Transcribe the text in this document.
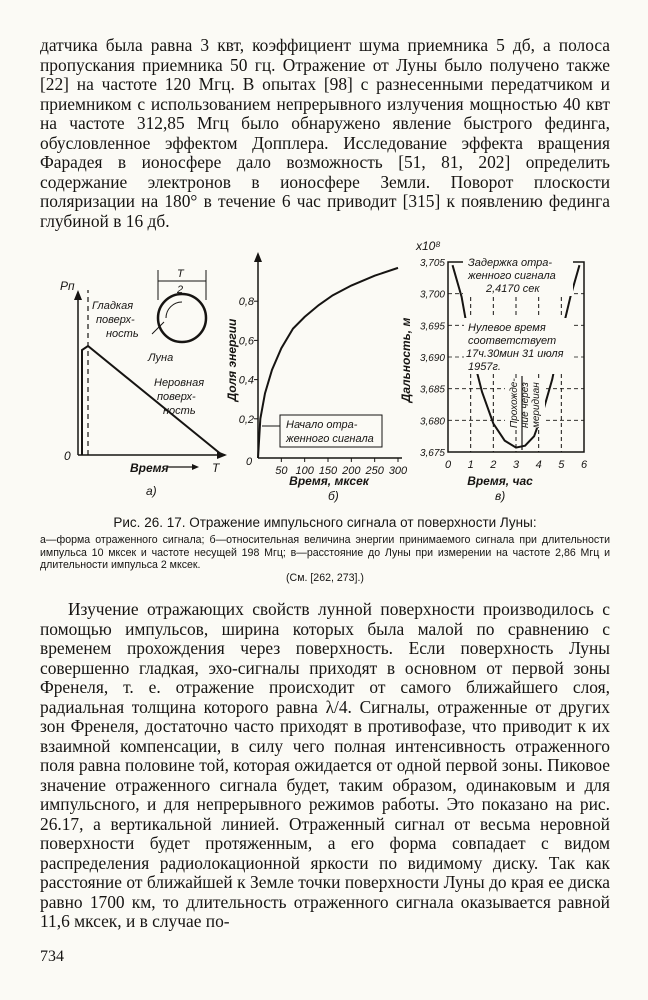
датчика была равна 3 квт, коэффициент шума приемника 5 дб, а полоса пропускания приемника 50 гц. Отражение от Луны было получено также [22] на частоте 120 Мгц. В опытах [98] с разнесенными передатчиком и приемником с использованием непрерывного излучения мощностью 40 квт на частоте 312,85 Мгц было обнаружено явление быстрого фединга, обусловленное эффектом Допплера. Исследование эффекта вращения Фарадея в ионосфере дало возможность [51, 81, 202] определить содержание электронов в ионосфере Земли. Поворот плоскости поляризации на 180° в течение 6 час приводит [315] к появлению фединга глубиной в 16 дб.

Pп
0
Время	T
T
2
Гладкая
поверх-
ность
Луна
Неровная
поверх-
ность
а)
0
50 100 150 200 250 300
0,2
0,4
0,6
0,8
Доля энергии
Время, мксек
Начало отра-
женного сигнала
б)
0 1 2 3 4 5 6
3,675
3,680
3,685
3,690
3,695
3,700
3,705
x10⁸
Дальность, м
Время, час
Задержка отра-
женного сигнала
2,4170 сек
Нулевое время
соответствует
17ч.30мин 31 июля
1957г.
Прохожде- ние через меридиан
в)

Рис. 26. 17. Отражение импульсного сигнала от поверхности Луны:

а—форма отраженного сигнала; б—относительная величина энергии принимаемого сигнала при длительности импульса 10 мксек и частоте несущей 198 Мгц; в—расстояние до Луны при измерении на частоте 2,86 Мгц и длительности импульса 2 мксек.
(См. [262, 273].)

Изучение отражающих свойств лунной поверхности производилось с помощью импульсов, ширина которых была малой по сравнению с временем прохождения через поверхность. Если поверхность Луны совершенно гладкая, эхо-сигналы приходят в основном от первой зоны Френеля, т. е. отражение происходит от самого ближайшего слоя, радиальная толщина которого равна λ/4. Сигналы, отраженные от других зон Френеля, достаточно часто приходят в противофазе, что приводит к их взаимной компенсации, в силу чего полная интенсивность отраженного поля равна половине той, которая ожидается от одной первой зоны. Пиковое значение отраженного сигнала будет, таким образом, одинаковым и для импульсного, и для непрерывного режимов работы. Это показано на рис. 26.17, а вертикальной линией. Отраженный сигнал от весьма неровной поверхности будет протяженным, а его форма совпадает с видом распределения радиолокационной яркости по видимому диску. Так как расстояние от ближайшей к Земле точки поверхности Луны до края ее диска равно 1700 км, то длительность отраженного сигнала оказывается равной 11,6 мксек, и в случае по-

734
